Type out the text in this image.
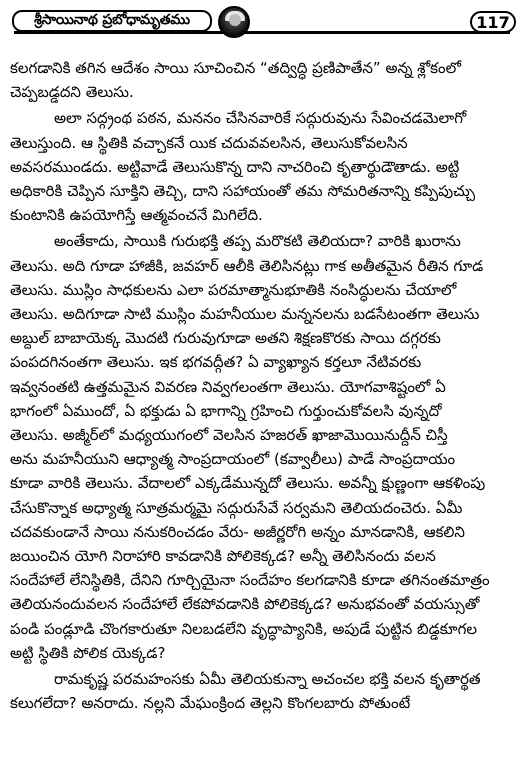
శ్రీసాయినాథ ప్రబోధామృతము	117
కలగడానికి తగిన ఆదేశం సాయి సూచించిన “తద్విద్ధి ప్రణిపాతేన” అన్న శ్లోకంలో
చెప్పబడ్డదని తెలుసు.
అలా సద్గ్రంథ పఠన, మననం చేసినవారికే సద్గురువును సేవించడమెలాగో
తెలుస్తుంది. ఆ స్థితికి వచ్చాకనే యిక చదువవలసిన, తెలుసుకోవలసిన
అవసరముండదు. అట్టివాడే తెలుసుకొన్న దాని నాచరించి కృతార్థుడౌతాడు. అట్టి
అధికారికి చెప్పిన సూక్తిని తెచ్చి, దాని సహాయంతో తమ సోమరితనాన్ని కప్పిపుచ్చు
కుంటానికి ఉపయోగిస్తే ఆత్మవంచనే మిగిలేది.
అంతేకాదు, సాయికి గురుభక్తి తప్ప మరొకటి తెలియదా? వారికి ఖురాను
తెలుసు. అది గూడా హాజీకి, జవహర్ ఆలీకి తెలిసినట్లు గాక అతీతమైన రీతిన గూడ
తెలుసు. ముస్లిం సాధకులను ఎలా పరమాత్మానుభూతికి నంసిద్ధులను చేయాలో
తెలుసు. అదిగూడా సాటి ముస్లిం మహనీయుల మన్ననలను బడసేటంతగా తెలుసు
అబ్దుల్ బాబాయెక్క మొదటి గురువుగూడా అతని శిక్షణకొరకు సాయి దగ్గరకు
పంపదగినంతగా తెలుసు. ఇక భగవద్గీత? ఏ వ్యాఖ్యాన కర్తలూ నేటివరకు
ఇవ్వనంతటి ఉత్తమమైన వివరణ నివ్వగలంతగా తెలుసు. యోగవాశిష్టంలో ఏ
భాగంలో ఏముందో, ఏ భక్తుడు ఏ భాగాన్ని గ్రహించి గుర్తుంచుకోవలసి వున్నదో
తెలుసు. అజ్మీర్‌లో మధ్యయుగంలో వెలసిన హజరత్ ఖాజామొయినుద్దీన్ చిస్తీ
అను మహనీయుని ఆధ్యాత్మ సాంప్రదాయంలో (కవ్వాలీలు) పాడే సాంప్రదాయం
కూడా వారికి తెలుసు. వేదాలలో ఎక్కడేమున్నదో తెలుసు. అవన్నీ క్షుణ్ణంగా ఆకళింపు
చేసుకొన్నాక అధ్యాత్మ సూత్రమర్మమై సద్గురుసేవే సర్వమని తెలియదంచెరు. ఏమీ
చదవకుండానే సాయి ననుకరించడం వేరు- అజీర్ణరోగి అన్నం మానడానికి, ఆకలిని
జయించిన యోగి నిరాహారి కావడానికి పోలికెక్కడ? అన్నీ తెలిసినందు వలన
సందేహాలే లేనిస్థితికి, దేనిని గూర్చియైనా సందేహం కలగడానికి కూడా తగినంతమాత్రం
తెలియనందువలన సందేహాలే లేకపోవడానికి పోలికెక్కడ? అనుభవంతో వయస్సుతో
పండి పండ్లూడి చొంగకారుతూ నిలబడలేని వృద్ధాప్యానికి, అపుడే పుట్టిన బిడ్డకూగల
అట్టి స్థితికి పోలిక యెక్కడ?
రామకృష్ణ పరమహంసకు ఏమీ తెలియకున్నా అచంచల భక్తి వలన కృతార్థత
కలుగలేదా? అనరాదు. నల్లని మేఘంక్రింద తెల్లని కొంగలబారు పోతుంటే
